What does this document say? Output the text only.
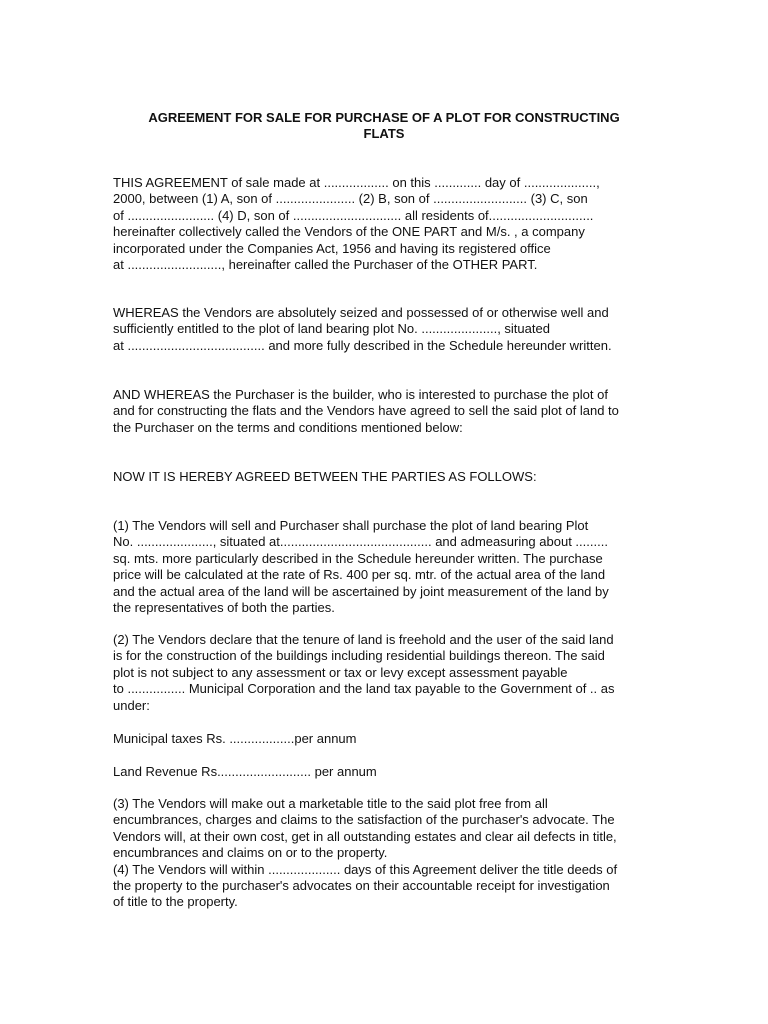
AGREEMENT FOR SALE FOR PURCHASE OF A PLOT FOR CONSTRUCTING
FLATS

THIS AGREEMENT of sale made at .................. on this ............. day of ....................,
2000, between (1) A, son of ...................... (2) B, son of .......................... (3) C, son
of ........................ (4) D, son of .............................. all residents of.............................
hereinafter collectively called the Vendors of the ONE PART and M/s. , a company
incorporated under the Companies Act, 1956 and having its registered office
at .........................., hereinafter called the Purchaser of the OTHER PART.

WHEREAS the Vendors are absolutely seized and possessed of or otherwise well and
sufficiently entitled to the plot of land bearing plot No. ....................., situated
at ...................................... and more fully described in the Schedule hereunder written.

AND WHEREAS the Purchaser is the builder, who is interested to purchase the plot of
and for constructing the flats and the Vendors have agreed to sell the said plot of land to
the Purchaser on the terms and conditions mentioned below:

NOW IT IS HEREBY AGREED BETWEEN THE PARTIES AS FOLLOWS:

(1) The Vendors will sell and Purchaser shall purchase the plot of land bearing Plot
No. ....................., situated at.......................................... and admeasuring about .........
sq. mts. more particularly described in the Schedule hereunder written. The purchase
price will be calculated at the rate of Rs. 400 per sq. mtr. of the actual area of the land
and the actual area of the land will be ascertained by joint measurement of the land by
the representatives of both the parties.

(2) The Vendors declare that the tenure of land is freehold and the user of the said land
is for the construction of the buildings including residential buildings thereon. The said
plot is not subject to any assessment or tax or levy except assessment payable
to ................ Municipal Corporation and the land tax payable to the Government of .. as
under:

Municipal taxes Rs. ..................per annum

Land Revenue Rs.......................... per annum

(3) The Vendors will make out a marketable title to the said plot free from all
encumbrances, charges and claims to the satisfaction of the purchaser's advocate. The
Vendors will, at their own cost, get in all outstanding estates and clear ail defects in title,
encumbrances and claims on or to the property.
(4) The Vendors will within .................... days of this Agreement deliver the title deeds of
the property to the purchaser's advocates on their accountable receipt for investigation
of title to the property.
